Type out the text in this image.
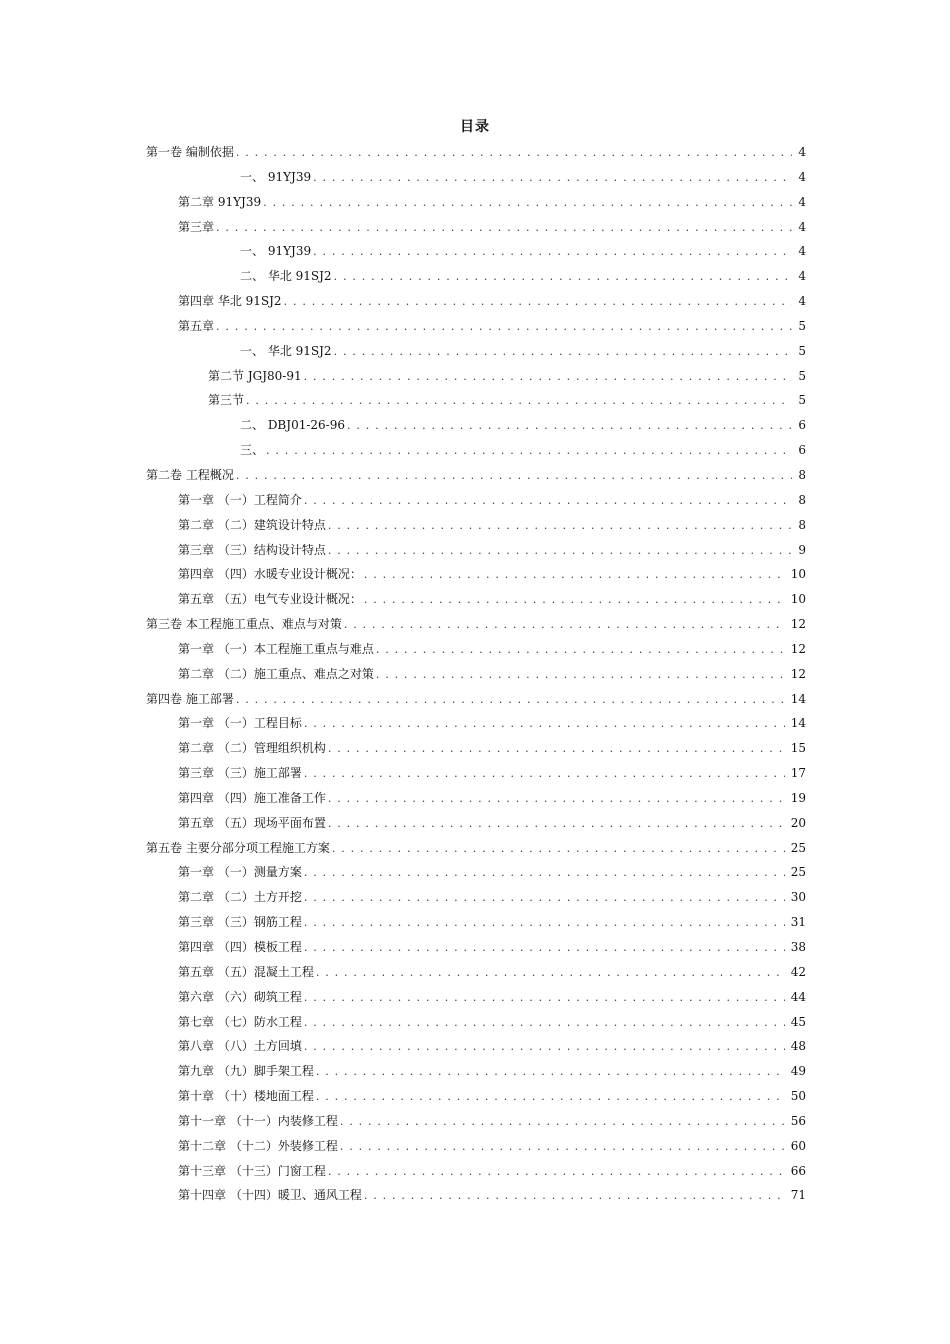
目录
第一卷 编制依据 . . .	4
一、 91YJ39 . . .	4
第二章 91YJ39 . . .	4
第三章 . . .	4
一、 91YJ39 . . .	4
二、 华北 91SJ2 . . .	4
第四章 华北 91SJ2 . . .	4
第五章 . . .	5
一、 华北 91SJ2 . . .	5
第二节 JGJ80-91 . . .	5
第三节 . . .	5
二、 DBJ01-26-96 . . .	6
三、 . . .	6
第二卷 工程概况 . . .	8
第一章 （一）工程简介 . . .	8
第二章 （二）建筑设计特点 . . .	8
第三章 （三）结构设计特点 . . .	9
第四章 （四）水暖专业设计概况： . . .	10
第五章 （五）电气专业设计概况： . . .	10
第三卷 本工程施工重点、难点与对策 . . .	12
第一章 （一）本工程施工重点与难点 . . .	12
第二章 （二）施工重点、难点之对策 . . .	12
第四卷 施工部署 . . .	14
第一章 （一）工程目标 . . .	14
第二章 （二）管理组织机构 . . .	15
第三章 （三）施工部署 . . .	17
第四章 （四）施工准备工作 . . .	19
第五章 （五）现场平面布置 . . .	20
第五卷 主要分部分项工程施工方案 . . .	25
第一章 （一）测量方案 . . .	25
第二章 （二）土方开挖 . . .	30
第三章 （三）钢筋工程 . . .	31
第四章 （四）模板工程 . . .	38
第五章 （五）混凝土工程 . . .	42
第六章 （六）砌筑工程 . . .	44
第七章 （七）防水工程 . . .	45
第八章 （八）土方回填 . . .	48
第九章 （九）脚手架工程 . . .	49
第十章 （十）楼地面工程 . . .	50
第十一章 （十一）内装修工程 . . .	56
第十二章 （十二）外装修工程 . . .	60
第十三章 （十三）门窗工程 . . .	66
第十四章 （十四）暖卫、通风工程 . . .	71
